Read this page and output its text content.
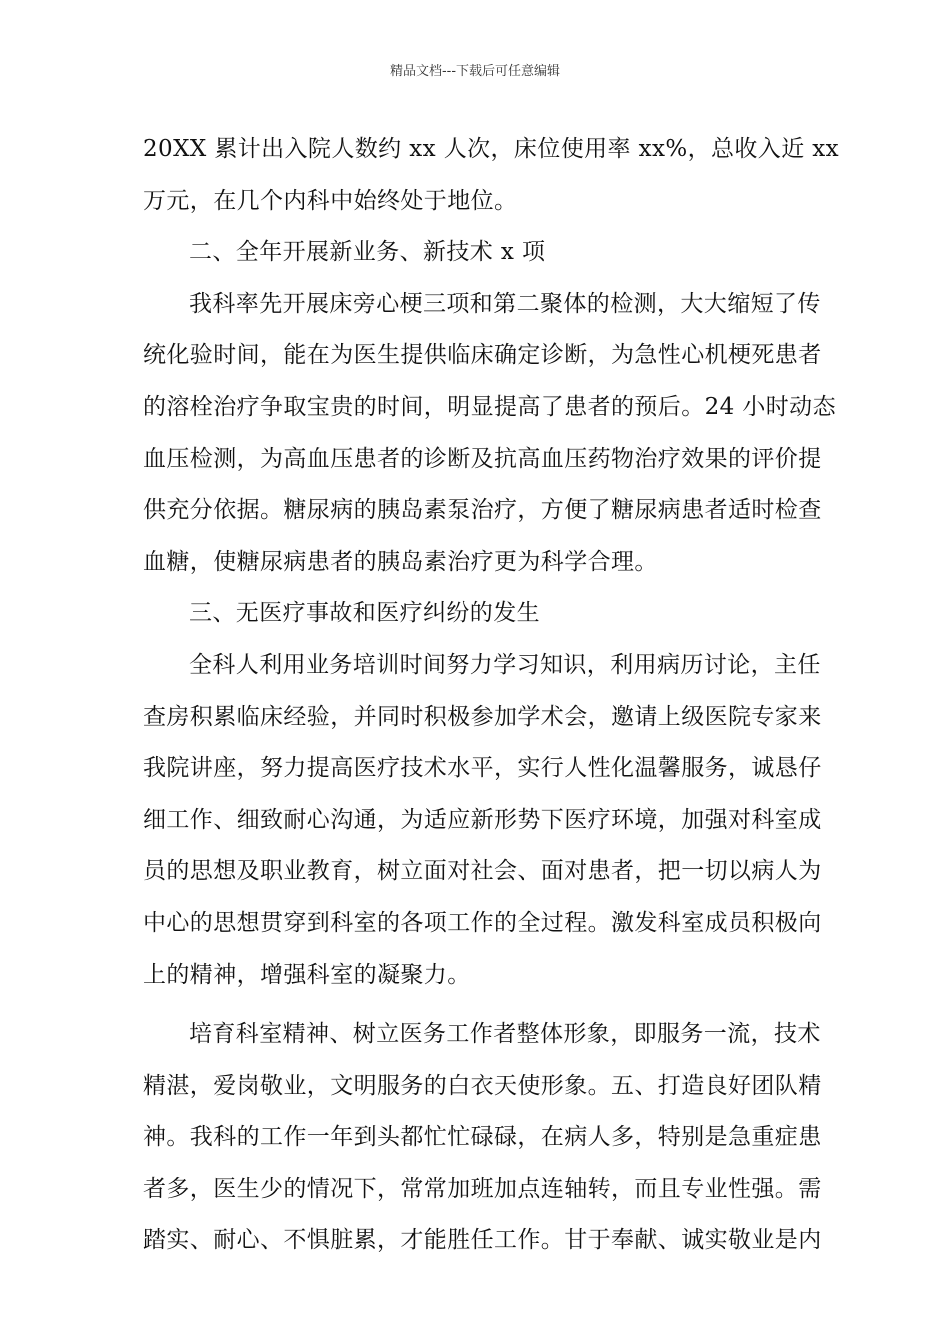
精品文档---下载后可任意编辑
20XX 累计出入院人数约 xx 人次，床位使用率 xx%，总收入近 xx
万元，在几个内科中始终处于地位。
二、全年开展新业务、新技术 x 项
我科率先开展床旁心梗三项和第二聚体的检测，大大缩短了传
统化验时间，能在为医生提供临床确定诊断，为急性心机梗死患者
的溶栓治疗争取宝贵的时间，明显提高了患者的预后。24 小时动态
血压检测，为高血压患者的诊断及抗高血压药物治疗效果的评价提
供充分依据。糖尿病的胰岛素泵治疗，方便了糖尿病患者适时检查
血糖，使糖尿病患者的胰岛素治疗更为科学合理。
三、无医疗事故和医疗纠纷的发生
全科人利用业务培训时间努力学习知识，利用病历讨论，主任
查房积累临床经验，并同时积极参加学术会，邀请上级医院专家来
我院讲座，努力提高医疗技术水平，实行人性化温馨服务，诚恳仔
细工作、细致耐心沟通，为适应新形势下医疗环境，加强对科室成
员的思想及职业教育，树立面对社会、面对患者，把一切以病人为
中心的思想贯穿到科室的各项工作的全过程。激发科室成员积极向
上的精神，增强科室的凝聚力。
培育科室精神、树立医务工作者整体形象，即服务一流，技术
精湛，爱岗敬业，文明服务的白衣天使形象。五、打造良好团队精
神。我科的工作一年到头都忙忙碌碌，在病人多，特别是急重症患
者多，医生少的情况下，常常加班加点连轴转，而且专业性强。需
踏实、耐心、不惧脏累，才能胜任工作。甘于奉献、诚实敬业是内
